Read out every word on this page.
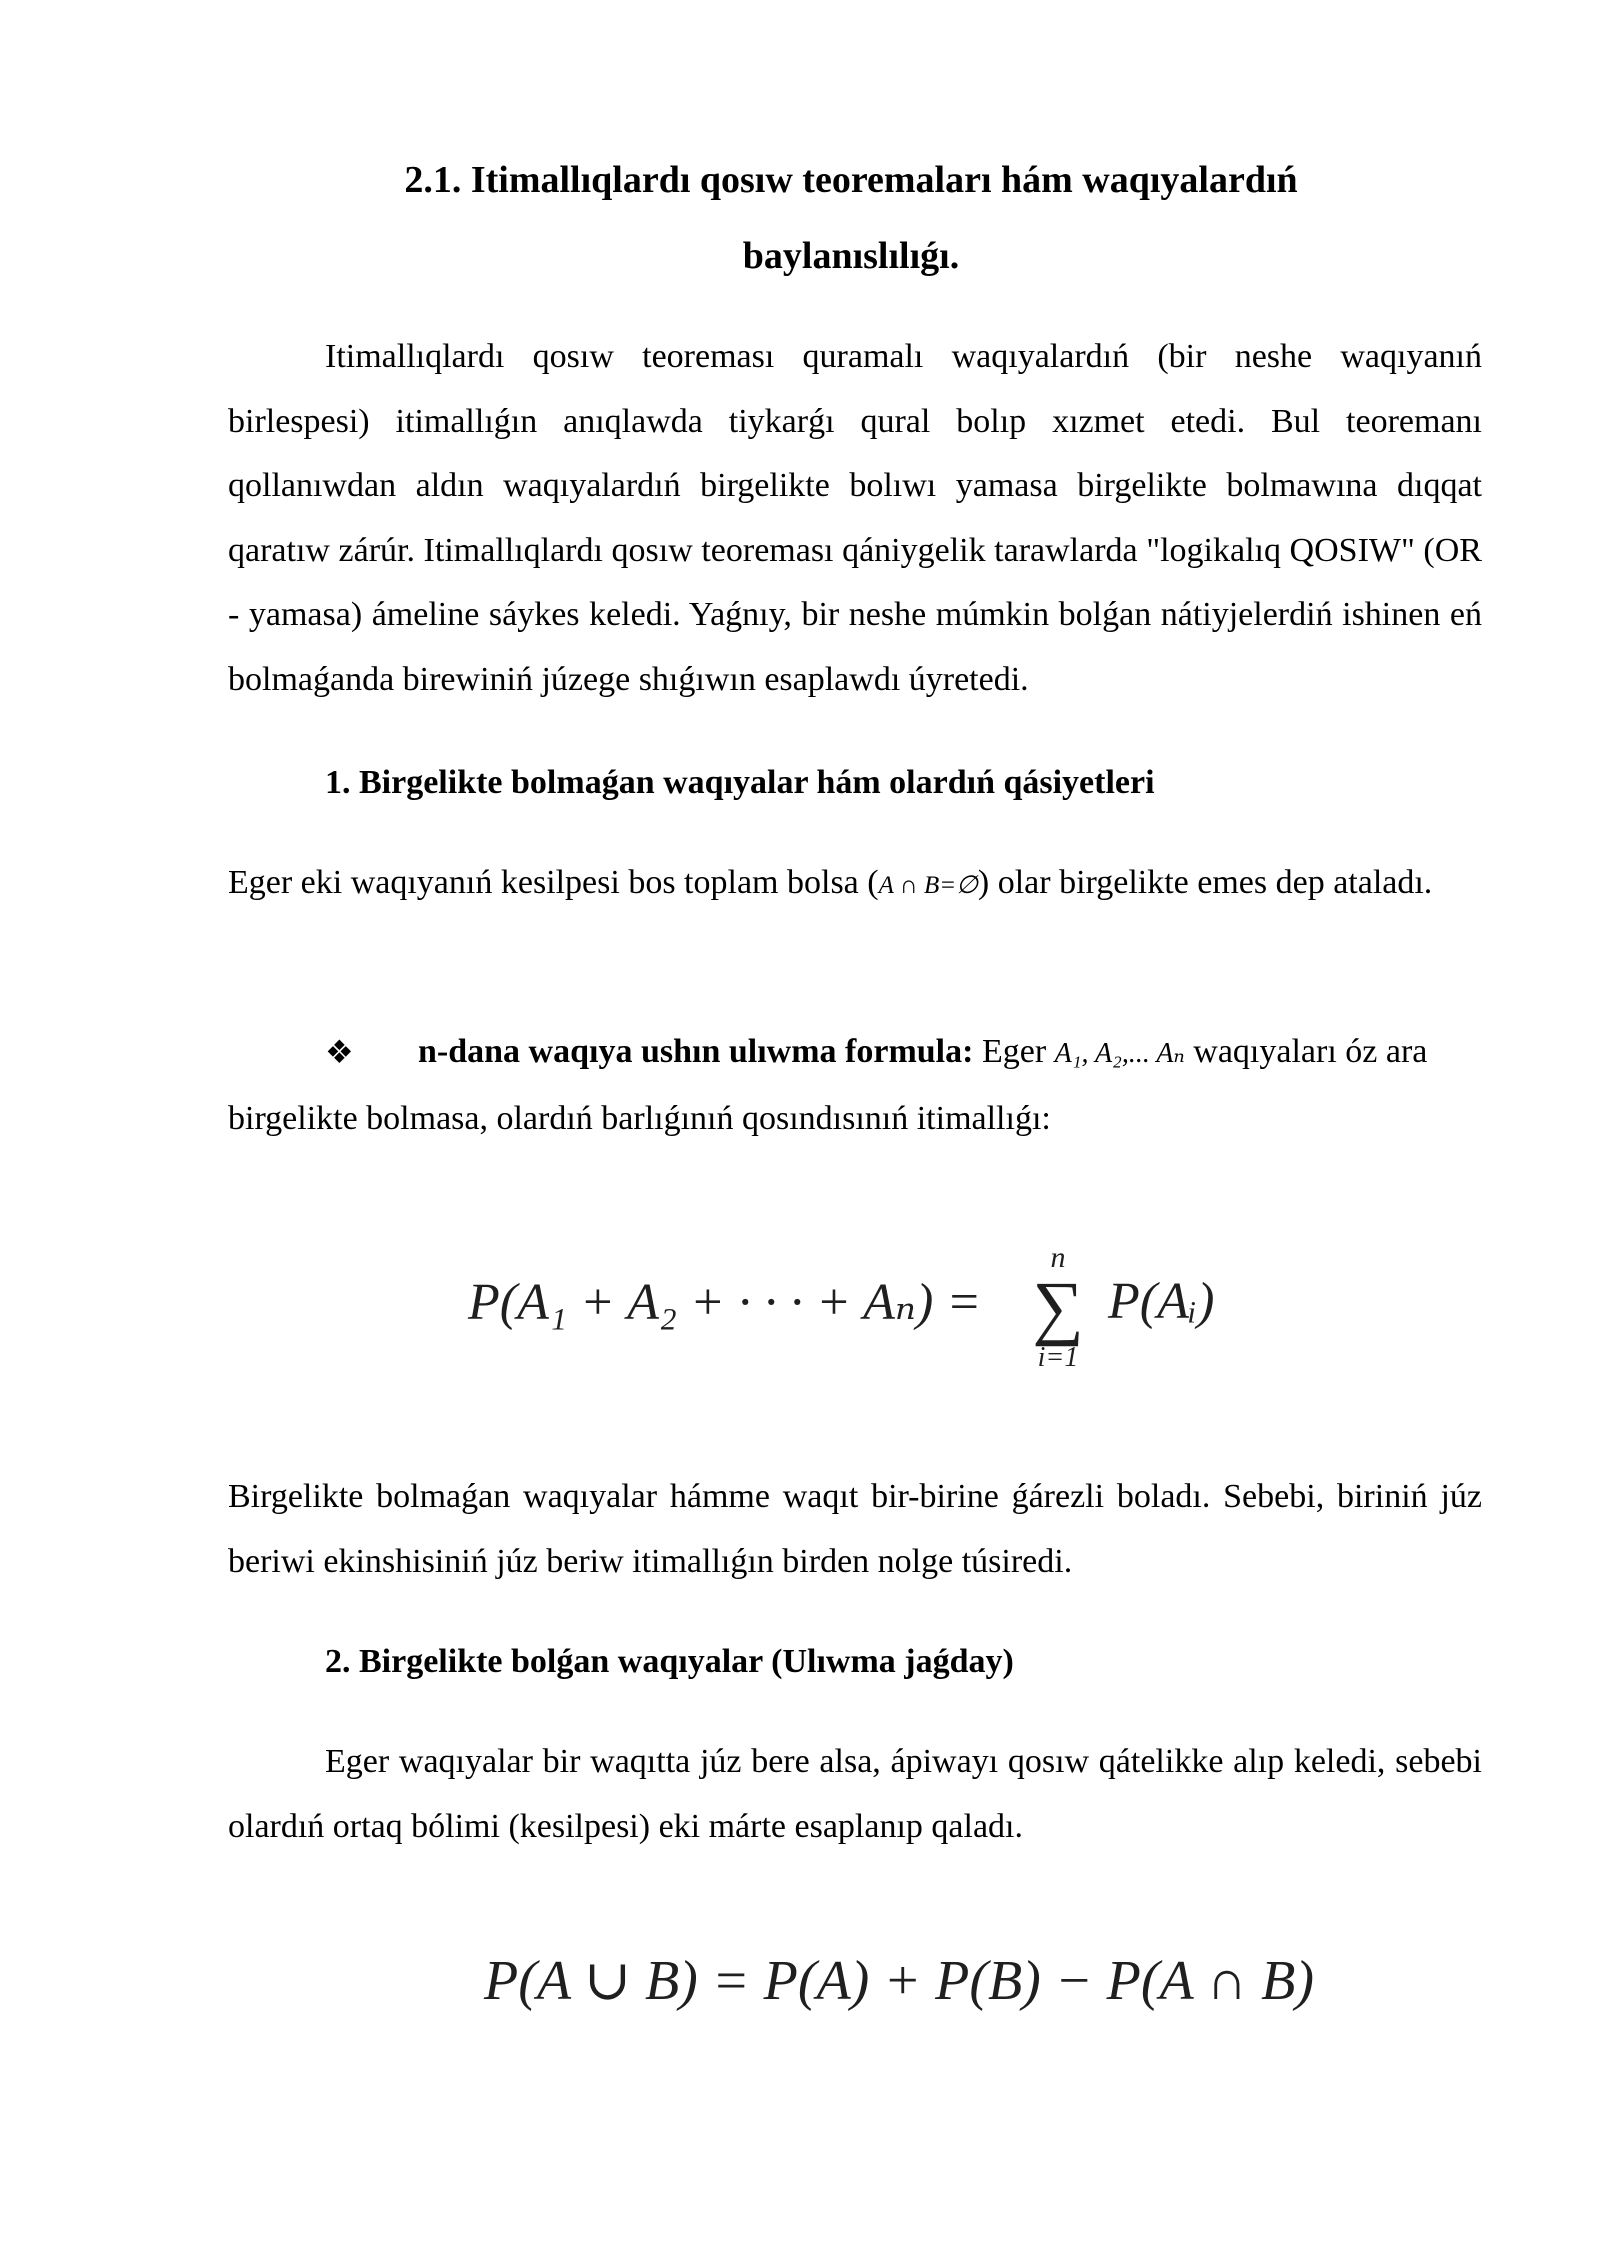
2.1. Itimallıqlardı qosıw teoremaları hám waqıyalardıń
baylanıslılıǵı.
Itimallıqlardı qosıw teoreması quramalı waqıyalardıń (bir neshe waqıyanıń birlespesi) itimallıǵın anıqlawda tiykarǵı qural bolıp xızmet etedi. Bul teoremanı qollanıwdan aldın waqıyalardıń birgelikte bolıwı yamasa birgelikte bolmawına dıqqat qaratıw zárúr. Itimallıqlardı qosıw teoreması qániygelik tarawlarda "logikalıq QOSIW" (OR - yamasa) ámeline sáykes keledi. Yaǵnıy, bir neshe múmkin bolǵan nátiyjelerdiń ishinen eń bolmaǵanda birewiniń júzege shıǵıwın esaplawdı úyretedi.
1. Birgelikte bolmaǵan waqıyalar hám olardıń qásiyetleri
Eger eki waqıyanıń kesilpesi bos toplam bolsa (A ∩ B=∅) olar birgelikte emes dep ataladı.
❖	n-dana waqıya ushın ulıwma formula: Eger A₁, A₂,... Aₙ waqıyaları óz ara birgelikte bolmasa, olardıń barlıǵınıń qosındısınıń itimallıǵı:
P(A₁ + A₂ + · · · + Aₙ) =
n
∑
i=1
P(Aᵢ)
Birgelikte bolmaǵan waqıyalar hámme waqıt bir-birine ǵárezli boladı. Sebebi, biriniń júz beriwi ekinshisiniń júz beriw itimallıǵın birden nolge túsiredi.
2. Birgelikte bolǵan waqıyalar (Ulıwma jaǵday)
Eger waqıyalar bir waqıtta júz bere alsa, ápiwayı qosıw qátelikke alıp keledi, sebebi olardıń ortaq bólimi (kesilpesi) eki márte esaplanıp qaladı.
P(A ∪ B) = P(A) + P(B) − P(A ∩ B)
